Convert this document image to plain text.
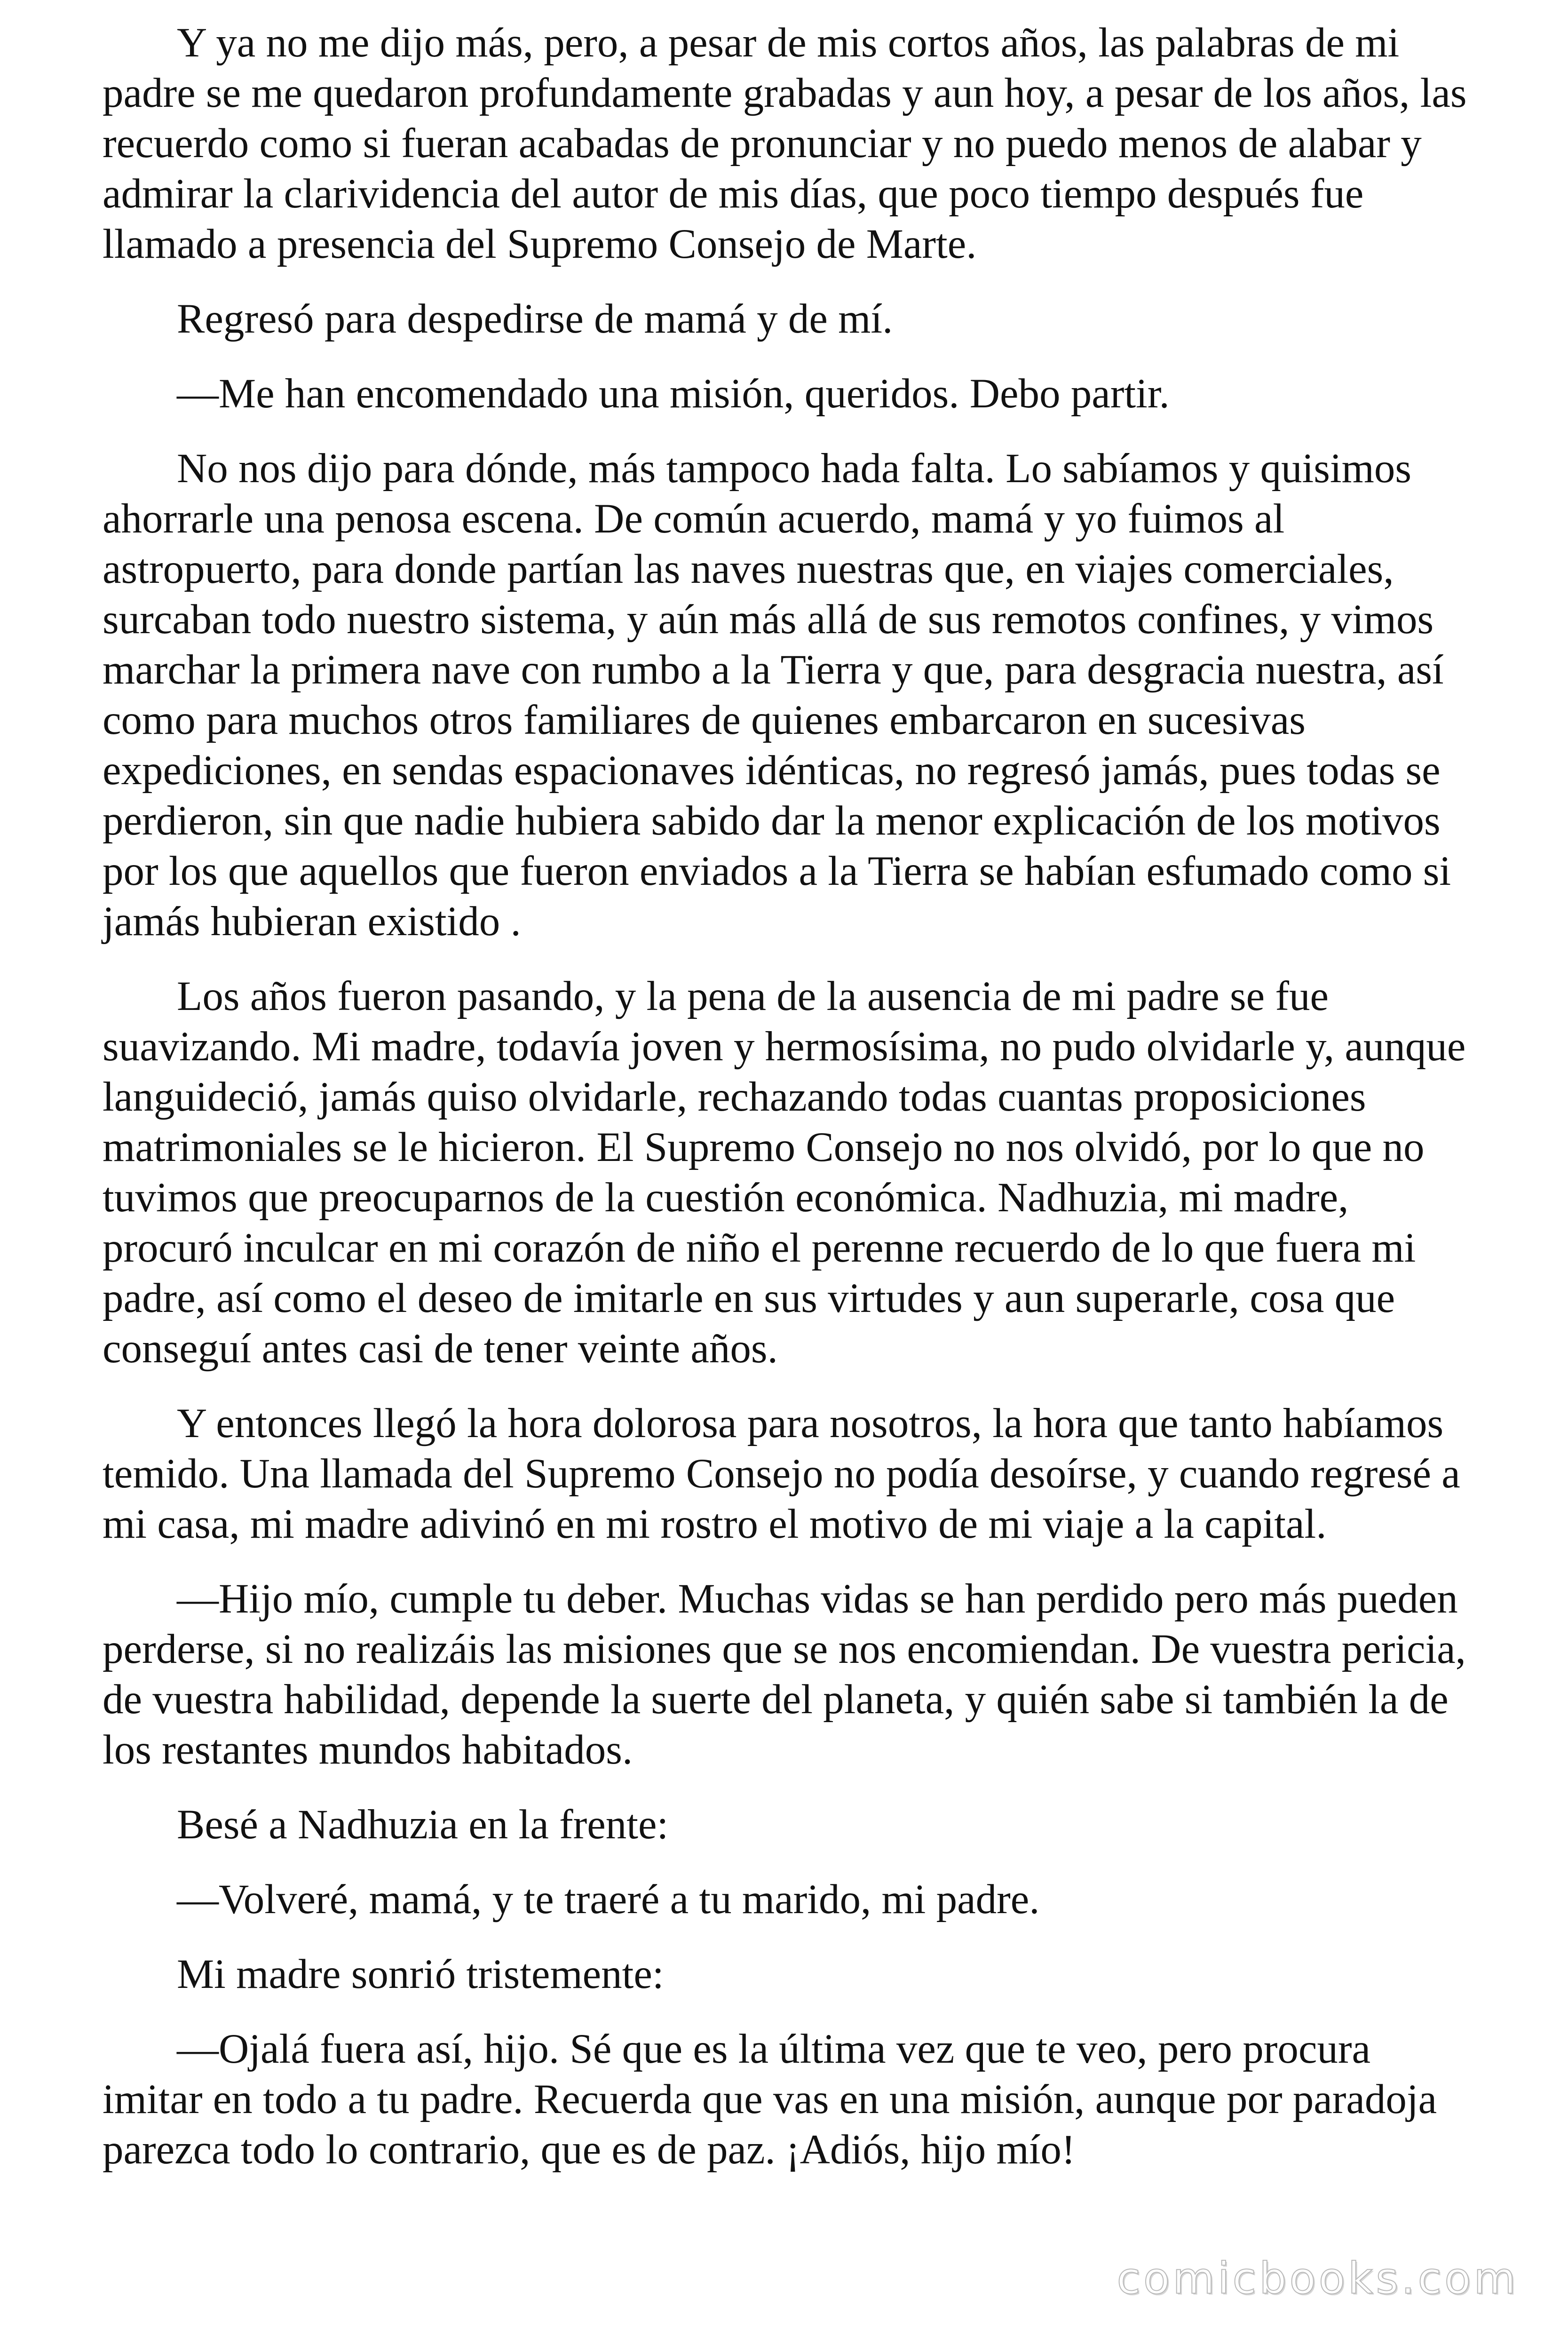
Y ya no me dijo más, pero, a pesar de mis cortos años, las palabras de mi padre se me quedaron profundamente grabadas y aun hoy, a pesar de los años, las recuerdo como si fueran acabadas de pronunciar y no puedo menos de alabar y admirar la clarividencia del autor de mis días, que poco tiempo después fue llamado a presencia del Supremo Consejo de Marte.

Regresó para despedirse de mamá y de mí.

—Me han encomendado una misión, queridos. Debo partir.

No nos dijo para dónde, más tampoco hada falta. Lo sabíamos y quisimos ahorrarle una penosa escena. De común acuerdo, mamá y yo fuimos al astropuerto, para donde partían las naves nuestras que, en viajes comerciales, surcaban todo nuestro sistema, y aún más allá de sus remotos confines, y vimos marchar la primera nave con rumbo a la Tierra y que, para desgracia nuestra, así como para muchos otros familiares de quienes embarcaron en sucesivas expediciones, en sendas espacionaves idénticas, no regresó jamás, pues todas se perdieron, sin que nadie hubiera sabido dar la menor explicación de los motivos por los que aquellos que fueron enviados a la Tierra se habían esfumado como si jamás hubieran existido .

Los años fueron pasando, y la pena de la ausencia de mi padre se fue suavizando. Mi madre, todavía joven y hermosísima, no pudo olvidarle y, aunque languideció, jamás quiso olvidarle, rechazando todas cuantas proposiciones matrimoniales se le hicieron. El Supremo Consejo no nos olvidó, por lo que no tuvimos que preocuparnos de la cuestión económica. Nadhuzia, mi madre, procuró inculcar en mi corazón de niño el perenne recuerdo de lo que fuera mi padre, así como el deseo de imitarle en sus virtudes y aun superarle, cosa que conseguí antes casi de tener veinte años.

Y entonces llegó la hora dolorosa para nosotros, la hora que tanto habíamos temido. Una llamada del Supremo Consejo no podía desoírse, y cuando regresé a mi casa, mi madre adivinó en mi rostro el motivo de mi viaje a la capital.

—Hijo mío, cumple tu deber. Muchas vidas se han perdido pero más pueden perderse, si no realizáis las misiones que se nos encomiendan. De vuestra pericia, de vuestra habilidad, depende la suerte del planeta, y quién sabe si también la de los restantes mundos habitados.

Besé a Nadhuzia en la frente:

—Volveré, mamá, y te traeré a tu marido, mi padre.

Mi madre sonrió tristemente:

—Ojalá fuera así, hijo. Sé que es la última vez que te veo, pero procura imitar en todo a tu padre. Recuerda que vas en una misión, aunque por paradoja parezca todo lo contrario, que es de paz. ¡Adiós, hijo mío!

comicbooks.com
